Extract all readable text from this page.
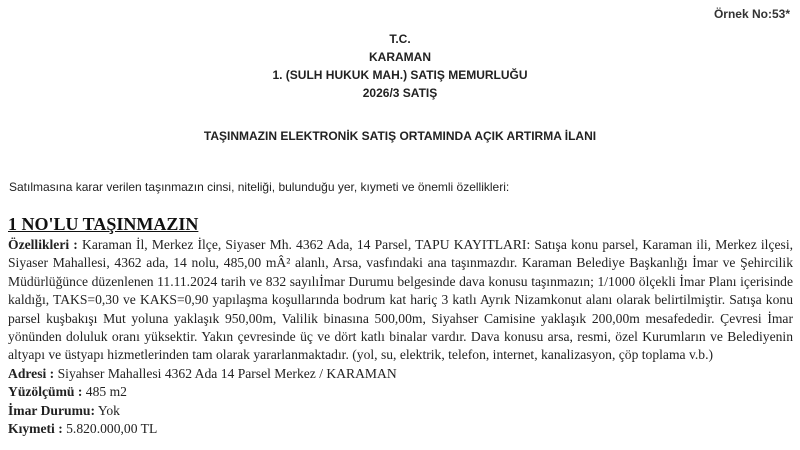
Örnek No:53*
T.C.
KARAMAN
1. (SULH HUKUK MAH.) SATIŞ MEMURLUĞU
2026/3 SATIŞ
TAŞINMAZIN ELEKTRONİK SATIŞ ORTAMINDA AÇIK ARTIRMA İLANI
Satılmasına karar verilen taşınmazın cinsi, niteliği, bulunduğu yer, kıymeti ve önemli özellikleri:
1 NO'LU TAŞINMAZIN

Özellikleri : Karaman İl, Merkez İlçe, Siyaser Mh. 4362 Ada, 14 Parsel, TAPU KAYITLARI: Satışa konu parsel, Karaman ili, Merkez ilçesi, Siyaser Mahallesi, 4362 ada, 14 nolu, 485,00 mÂ² alanlı, Arsa, vasfındaki ana taşınmazdır. Karaman Belediye Başkanlığı İmar ve Şehircilik Müdürlüğünce düzenlenen 11.11.2024 tarih ve 832 sayılıİmar Durumu belgesinde dava konusu taşınmazın; 1/1000 ölçekli İmar Planı içerisinde kaldığı, TAKS=0,30 ve KAKS=0,90 yapılaşma koşullarında bodrum kat hariç 3 katlı Ayrık Nizamkonut alanı olarak belirtilmiştir. Satışa konu parsel kuşbakışı Mut yoluna yaklaşık 950,00m, Valilik binasına 500,00m, Siyahser Camisine yaklaşık 200,00m mesafededir. Çevresi İmar yönünden doluluk oranı yüksektir. Yakın çevresinde üç ve dört katlı binalar vardır. Dava konusu arsa, resmi, özel Kurumların ve Belediyenin altyapı ve üstyapı hizmetlerinden tam olarak yararlanmaktadır. (yol, su, elektrik, telefon, internet, kanalizasyon, çöp toplama v.b.)

Adresi : Siyahser Mahallesi 4362 Ada 14 Parsel Merkez / KARAMAN

Yüzölçümü : 485 m2

İmar Durumu: Yok

Kıymeti : 5.820.000,00 TL
